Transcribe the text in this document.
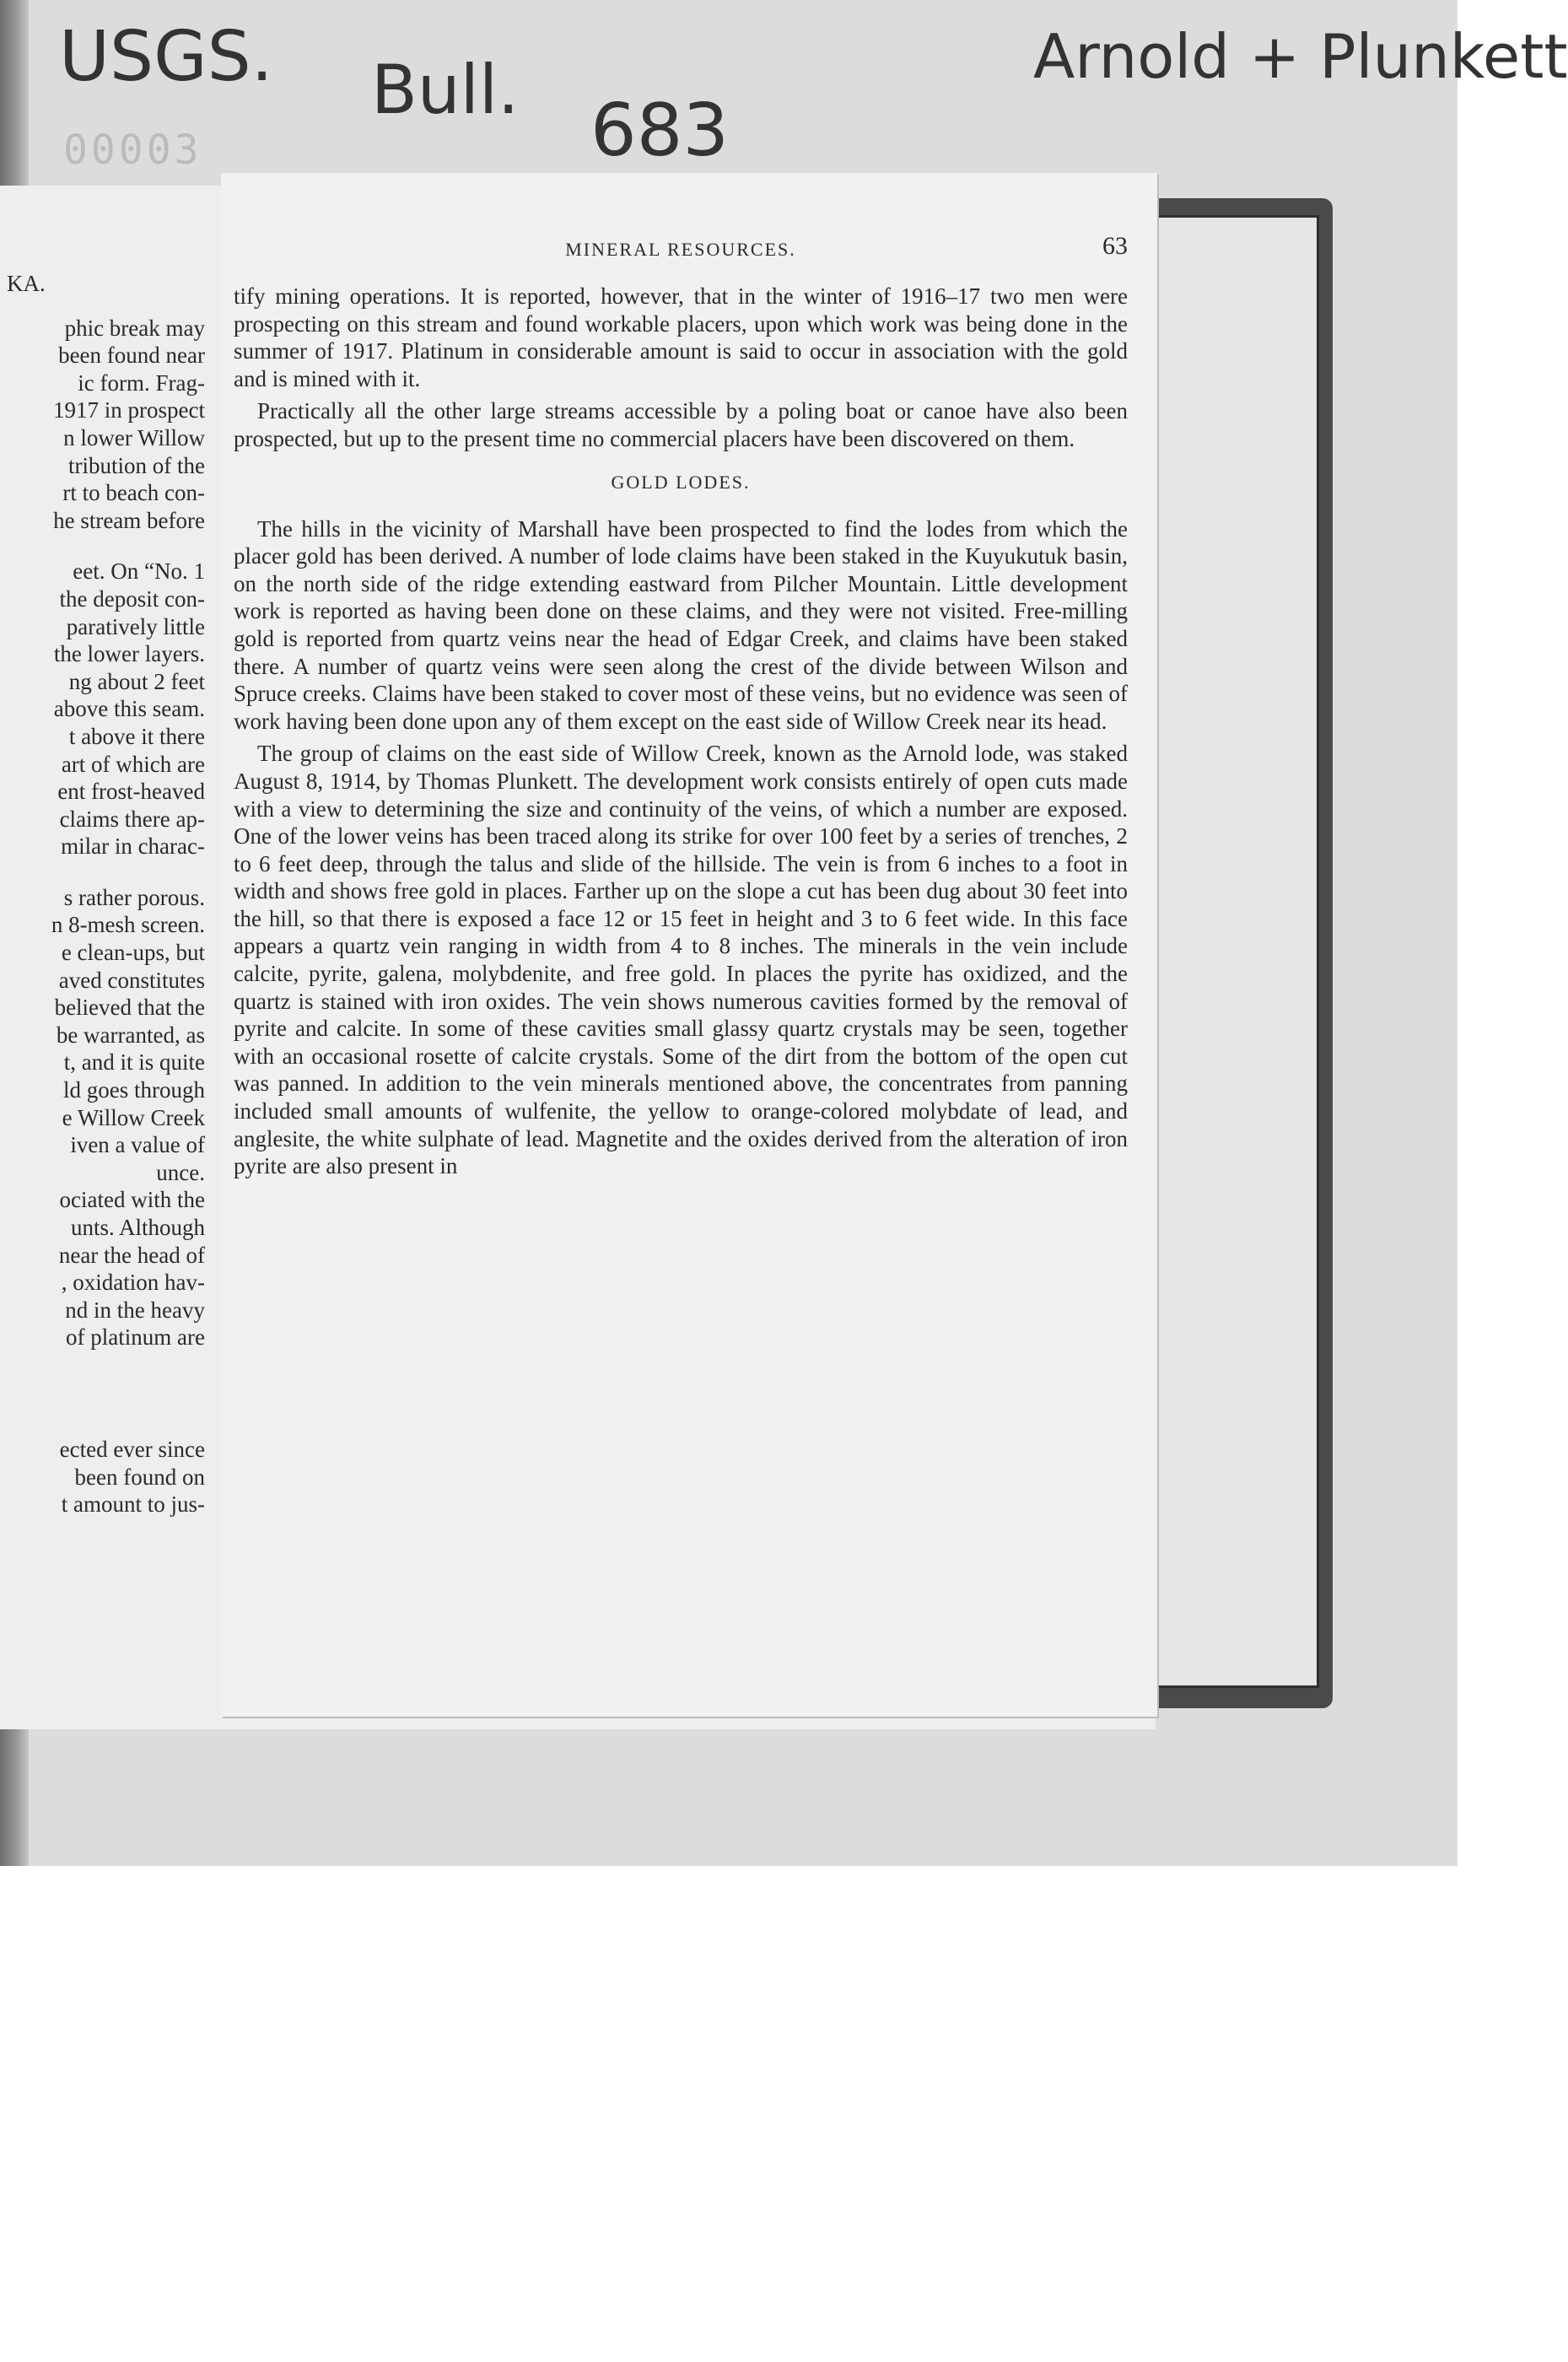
KA.
phic break may
been found near
ic form. Frag-
1917 in prospect
n lower Willow
tribution of the
rt to beach con-
he stream before
eet. On “No. 1
the deposit con-
paratively little
the lower layers.
ng about 2 feet
above this seam.
t above it there
art of which are
ent frost-heaved
claims there ap-
milar in charac-
s rather porous.
n 8-mesh screen.
e clean-ups, but
aved constitutes
believed that the
be warranted, as
t, and it is quite
ld goes through
e Willow Creek
iven a value of
unce.
ociated with the
unts. Although
near the head of
, oxidation hav-
nd in the heavy
of platinum are
ected ever since
been found on
t amount to jus-
MINERAL RESOURCES.	63

tify mining operations. It is reported, however, that in the winter of 1916–17 two men were prospecting on this stream and found workable placers, upon which work was being done in the summer of 1917. Platinum in considerable amount is said to occur in association with the gold and is mined with it.

Practically all the other large streams accessible by a poling boat or canoe have also been prospected, but up to the present time no commercial placers have been discovered on them.

GOLD LODES.

The hills in the vicinity of Marshall have been prospected to find the lodes from which the placer gold has been derived. A number of lode claims have been staked in the Kuyukutuk basin, on the north side of the ridge extending eastward from Pilcher Mountain. Little development work is reported as having been done on these claims, and they were not visited. Free-milling gold is reported from quartz veins near the head of Edgar Creek, and claims have been staked there. A number of quartz veins were seen along the crest of the divide between Wilson and Spruce creeks. Claims have been staked to cover most of these veins, but no evidence was seen of work having been done upon any of them except on the east side of Willow Creek near its head.

The group of claims on the east side of Willow Creek, known as the Arnold lode, was staked August 8, 1914, by Thomas Plunkett. The development work consists entirely of open cuts made with a view to determining the size and continuity of the veins, of which a number are exposed. One of the lower veins has been traced along its strike for over 100 feet by a series of trenches, 2 to 6 feet deep, through the talus and slide of the hillside. The vein is from 6 inches to a foot in width and shows free gold in places. Farther up on the slope a cut has been dug about 30 feet into the hill, so that there is exposed a face 12 or 15 feet in height and 3 to 6 feet wide. In this face appears a quartz vein ranging in width from 4 to 8 inches. The minerals in the vein include calcite, pyrite, galena, molybdenite, and free gold. In places the pyrite has oxidized, and the quartz is stained with iron oxides. The vein shows numerous cavities formed by the removal of pyrite and calcite. In some of these cavities small glassy quartz crystals may be seen, together with an occasional rosette of calcite crystals. Some of the dirt from the bottom of the open cut was panned. In addition to the vein minerals mentioned above, the concentrates from panning included small amounts of wulfenite, the yellow to orange-colored molybdate of lead, and anglesite, the white sulphate of lead. Magnetite and the oxides derived from the alteration of iron pyrite are also present in

USGS. Bull. 683
Arnold + Plunkett
00003
